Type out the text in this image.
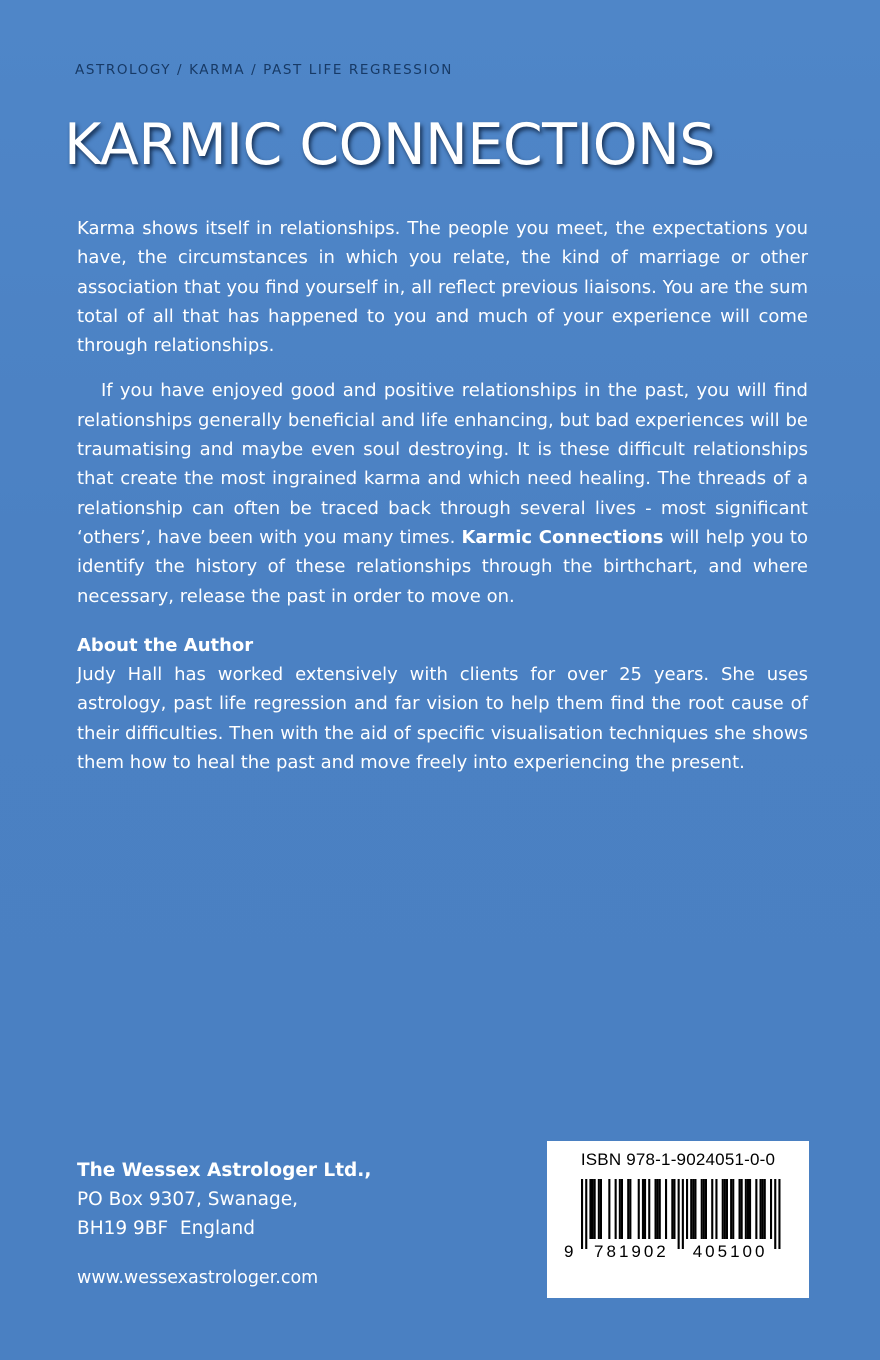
ASTROLOGY / KARMA / PAST LIFE REGRESSION
KARMIC CONNECTIONS

Karma shows itself in relationships. The people you meet, the expectations you have, the circumstances in which you relate, the kind of marriage or other association that you find yourself in, all reflect previous liaisons. You are the sum total of all that has happened to you and much of your experience will come through relationships.

If you have enjoyed good and positive relationships in the past, you will find relationships generally beneficial and life enhancing, but bad experiences will be traumatising and maybe even soul destroying. It is these difficult relationships that create the most ingrained karma and which need healing. The threads of a relationship can often be traced back through several lives - most significant ‘others’, have been with you many times. Karmic Connections will help you to identify the history of these relationships through the birthchart, and where necessary, release the past in order to move on.

About the Author

Judy Hall has worked extensively with clients for over 25 years. She uses astrology, past life regression and far vision to help them find the root cause of their difficulties. Then with the aid of specific visualisation techniques she shows them how to heal the past and move freely into experiencing the present.

The Wessex Astrologer Ltd.,
PO Box 9307, Swanage,
BH19 9BF  England
www.wessexastrologer.com
ISBN 978-1-9024051-0-0
9 781902 405100
